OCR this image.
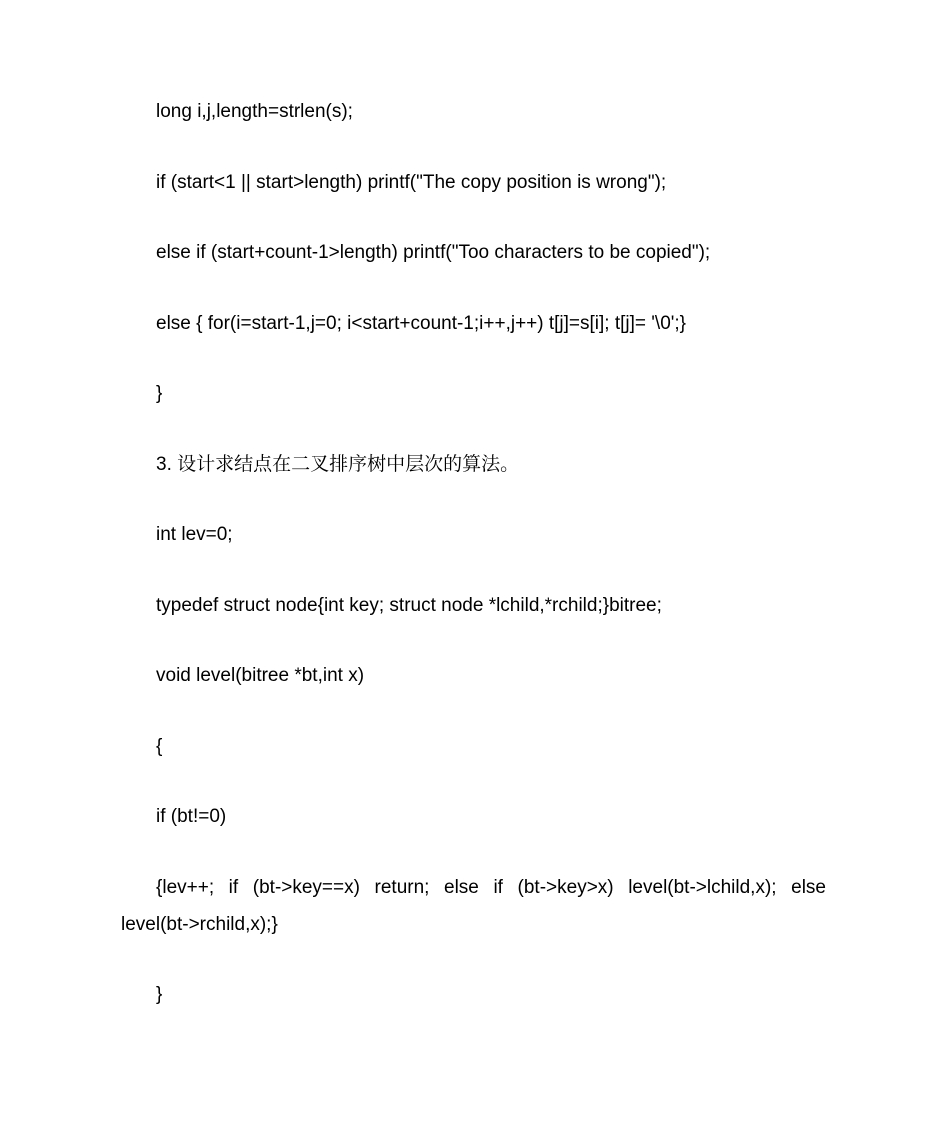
long i,j,length=strlen(s);
if (start<1 || start>length) printf("The copy position is wrong");
else if (start+count-1>length) printf("Too characters to be copied");
else { for(i=start-1,j=0; i<start+count-1;i++,j++) t[j]=s[i]; t[j]= '\0';}
}
3. 设计求结点在二叉排序树中层次的算法。
int lev=0;
typedef struct node{int key; struct node *lchild,*rchild;}bitree;
void level(bitree *bt,int x)
{
if (bt!=0)
{lev++; if (bt->key==x) return; else if (bt->key>x) level(bt->lchild,x); else level(bt->rchild,x);}
}
